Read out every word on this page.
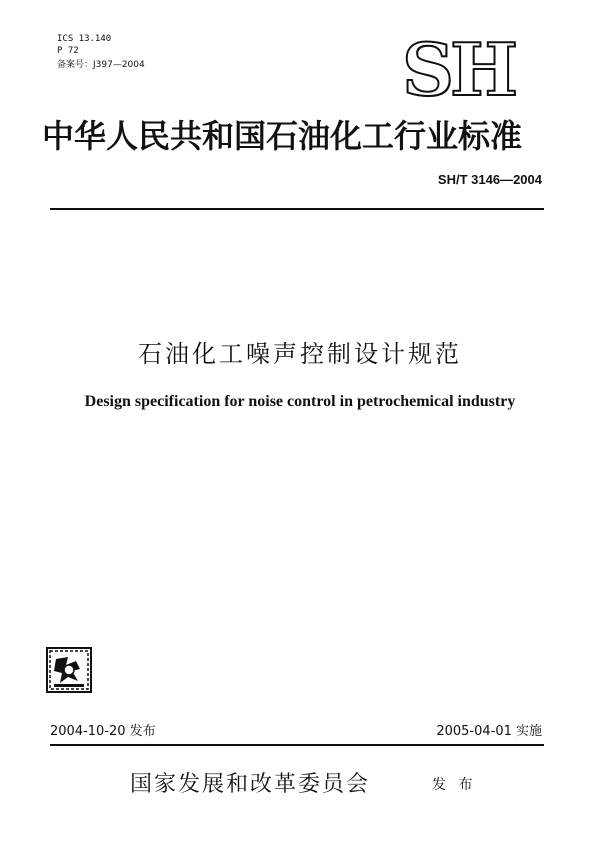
ICS 13.140
P 72
备案号：J397—2004	SH
中华人民共和国石油化工行业标准
SH/T 3146—2004
石油化工噪声控制设计规范
Design specification for noise control in petrochemical industry
2004-10-20 发布	2005-04-01 实施
国家发展和改革委员会	发 布
